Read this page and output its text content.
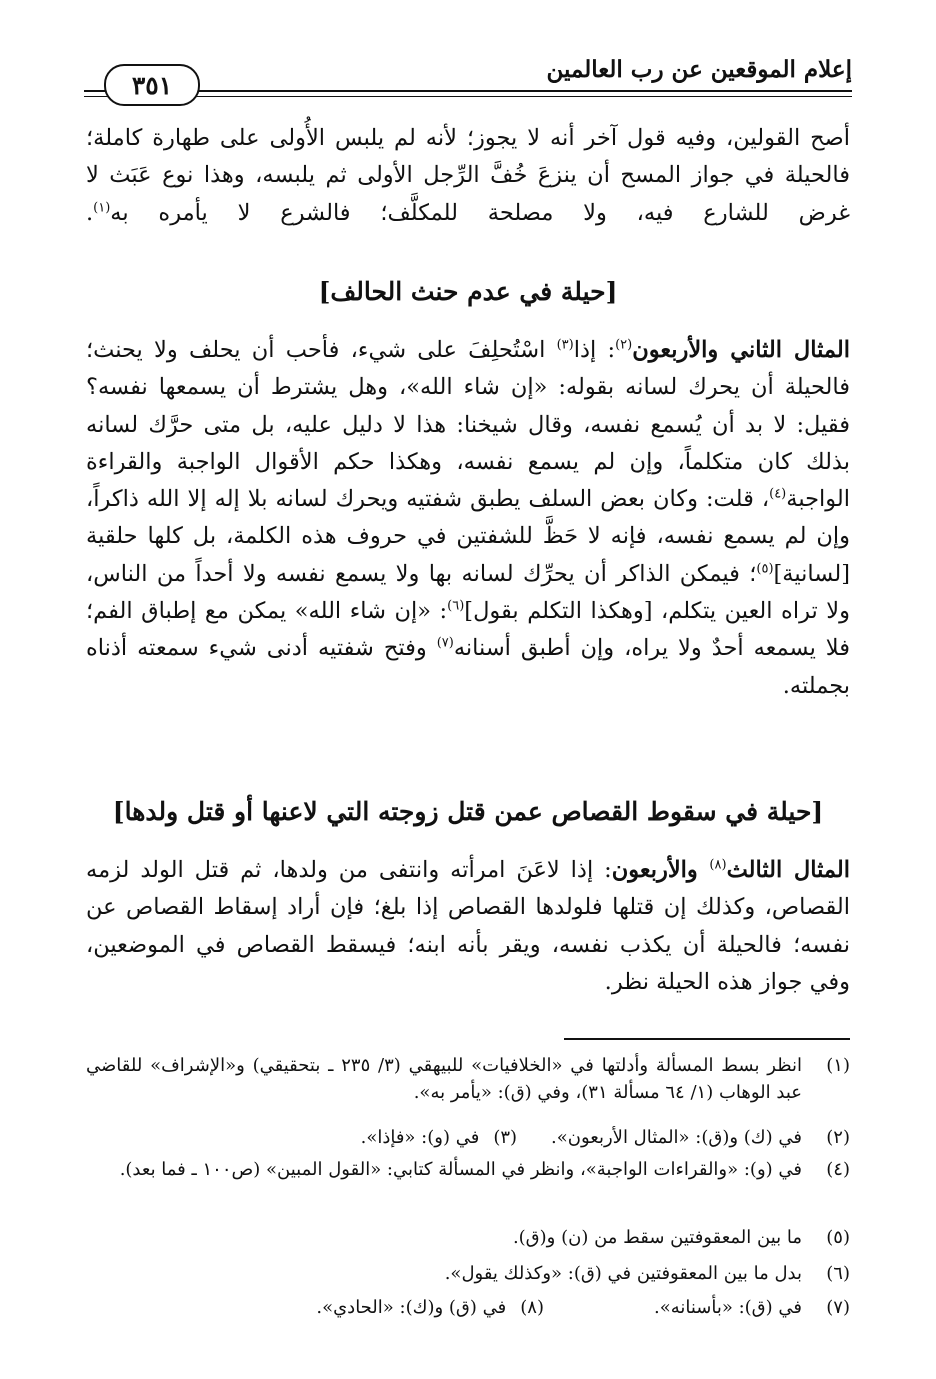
إعلام الموقعين عن رب العالمين
٣٥١
أصح القولين، وفيه قول آخر أنه لا يجوز؛ لأنه لم يلبس الأُولى على طهارة كاملة؛ فالحيلة في جواز المسح أن ينزعَ خُفَّ الرِّجل الأولى ثم يلبسه، وهذا نوع عَبَث لا غرض للشارع فيه، ولا مصلحة للمكلَّف؛ فالشرع لا يأمره به$^{(١)}$.
[حيلة في عدم حنث الحالف]
المثال الثاني والأربعون$^{(٢)}$: إذا$^{(٣)}$ اسْتُحلِفَ على شيء، فأحب أن يحلف ولا يحنث؛ فالحيلة أن يحرك لسانه بقوله: «إن شاء الله»، وهل يشترط أن يسمعها نفسه؟ فقيل: لا بد أن يُسمع نفسه، وقال شيخنا: هذا لا دليل عليه، بل متى حرَّك لسانه بذلك كان متكلماً، وإن لم يسمع نفسه، وهكذا حكم الأقوال الواجبة والقراءة الواجبة$^{(٤)}$، قلت: وكان بعض السلف يطبق شفتيه ويحرك لسانه بلا إله إلا الله ذاكراً، وإن لم يسمع نفسه، فإنه لا حَظَّ للشفتين في حروف هذه الكلمة، بل كلها حلقية [لسانية]$^{(٥)}$؛ فيمكن الذاكر أن يحرِّك لسانه بها ولا يسمع نفسه ولا أحداً من الناس، ولا تراه العين يتكلم، [وهكذا التكلم بقول]$^{(٦)}$: «إن شاء الله» يمكن مع إطباق الفم؛ فلا يسمعه أحدٌ ولا يراه، وإن أطبق أسنانه$^{(٧)}$ وفتح شفتيه أدنى شيء سمعته أذناه بجملته.
[حيلة في سقوط القصاص عمن قتل زوجته التي لاعنها أو قتل ولدها]
المثال الثالث$^{(٨)}$ والأربعون: إذا لاعَنَ امرأته وانتفى من ولدها، ثم قتل الولد لزمه القصاص، وكذلك إن قتلها فلولدها القصاص إذا بلغ؛ فإن أراد إسقاط القصاص عن نفسه؛ فالحيلة أن يكذب نفسه، ويقر بأنه ابنه؛ فيسقط القصاص في الموضعين، وفي جواز هذه الحيلة نظر.
(١)
انظر بسط المسألة وأدلتها في «الخلافيات» للبيهقي (٣/ ٢٣٥ ـ بتحقيقي) و«الإشراف» للقاضي عبد الوهاب (١/ ٦٤ مسألة ٣١)، وفي (ق): «يأمر به».
(٢)
في (ك) و(ق): «المثال الأربعون».(٣)في (و): «فإذا».
(٤)
في (و): «والقراءات الواجبة»، وانظر في المسألة كتابي: «القول المبين» (ص١٠٠ ـ فما بعد).
(٥)
ما بين المعقوفتين سقط من (ن) و(ق).
(٦)
بدل ما بين المعقوفتين في (ق): «وكذلك يقول».
(٧)
في (ق): «بأسنانه».(٨)في (ق) و(ك): «الحادي».
